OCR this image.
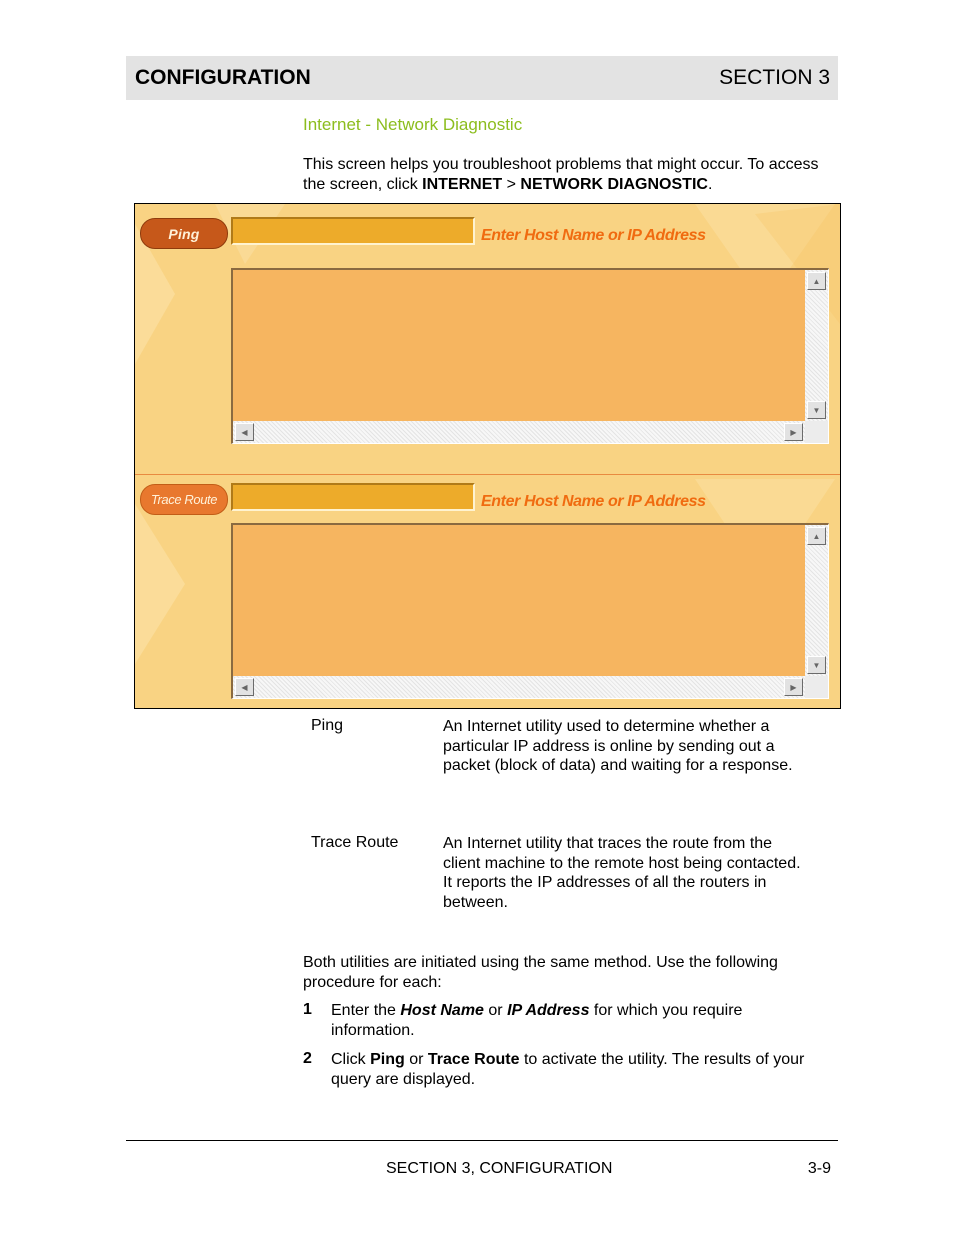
CONFIGURATION	SECTION 3
Internet - Network Diagnostic
This screen helps you troubleshoot problems that might occur. To access the screen, click INTERNET > NETWORK DIAGNOSTIC.
Ping	Enter Host Name or IP Address
▲
▼
◀	▶
Trace Route	Enter Host Name or IP Address
▲
▼
◀	▶
Ping	An Internet utility used to determine whether a particular IP address is online by sending out a packet (block of data) and waiting for a response.
Trace Route	An Internet utility that traces the route from the client machine to the remote host being contacted. It reports the IP addresses of all the routers in between.
Both utilities are initiated using the same method. Use the following procedure for each:
1 Enter the Host Name or IP Address for which you require information.
2 Click Ping or Trace Route to activate the utility. The results of your query are displayed.
SECTION 3, CONFIGURATION	3-9
